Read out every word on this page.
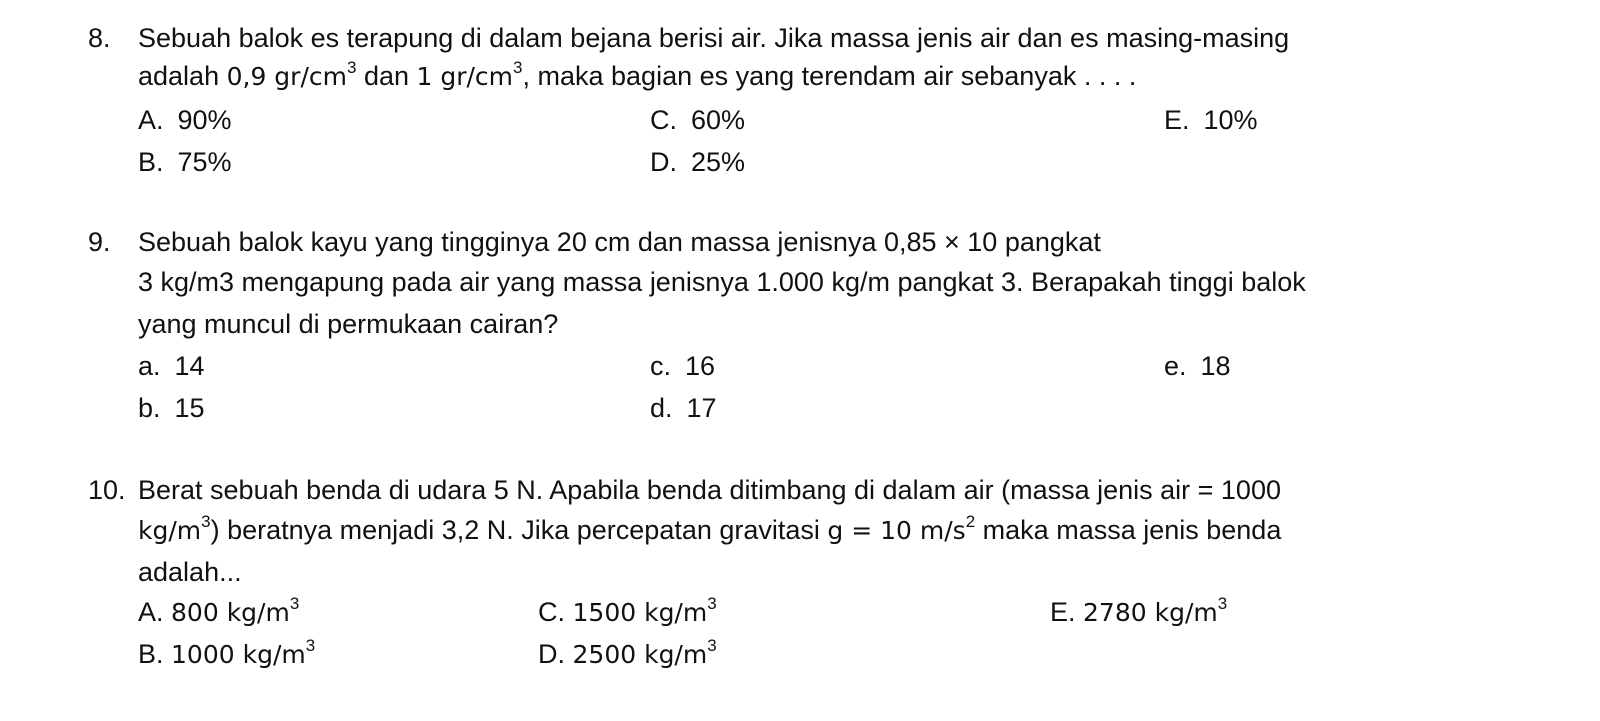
8. Sebuah balok es terapung di dalam bejana berisi air. Jika massa jenis air dan es masing-masing
adalah 0,9 $gr/cm^3$ dan 1 $gr/cm^3$, maka bagian es yang terendam air sebanyak . . . .
A. 90%
B. 75%
C. 60%
D. 25%
E. 10%
9. Sebuah balok kayu yang tingginya 20 cm dan massa jenisnya 0,85 × 10 pangkat
3 kg/m3 mengapung pada air yang massa jenisnya 1.000 kg/m pangkat 3. Berapakah tinggi balok
yang muncul di permukaan cairan?
a. 14
b. 15
c. 16
d. 17
e. 18
10. Berat sebuah benda di udara 5 N. Apabila benda ditimbang di dalam air (massa jenis air = 1000
$kg/m^3$) beratnya menjadi 3,2 N. Jika percepatan gravitasi g = 10 $m/s^2$ maka massa jenis benda
adalah...
A. 800 $kg/m^3$
B. 1000 $kg/m^3$
C. 1500 $kg/m^3$
D. 2500 $kg/m^3$
E. 2780 $kg/m^3$
